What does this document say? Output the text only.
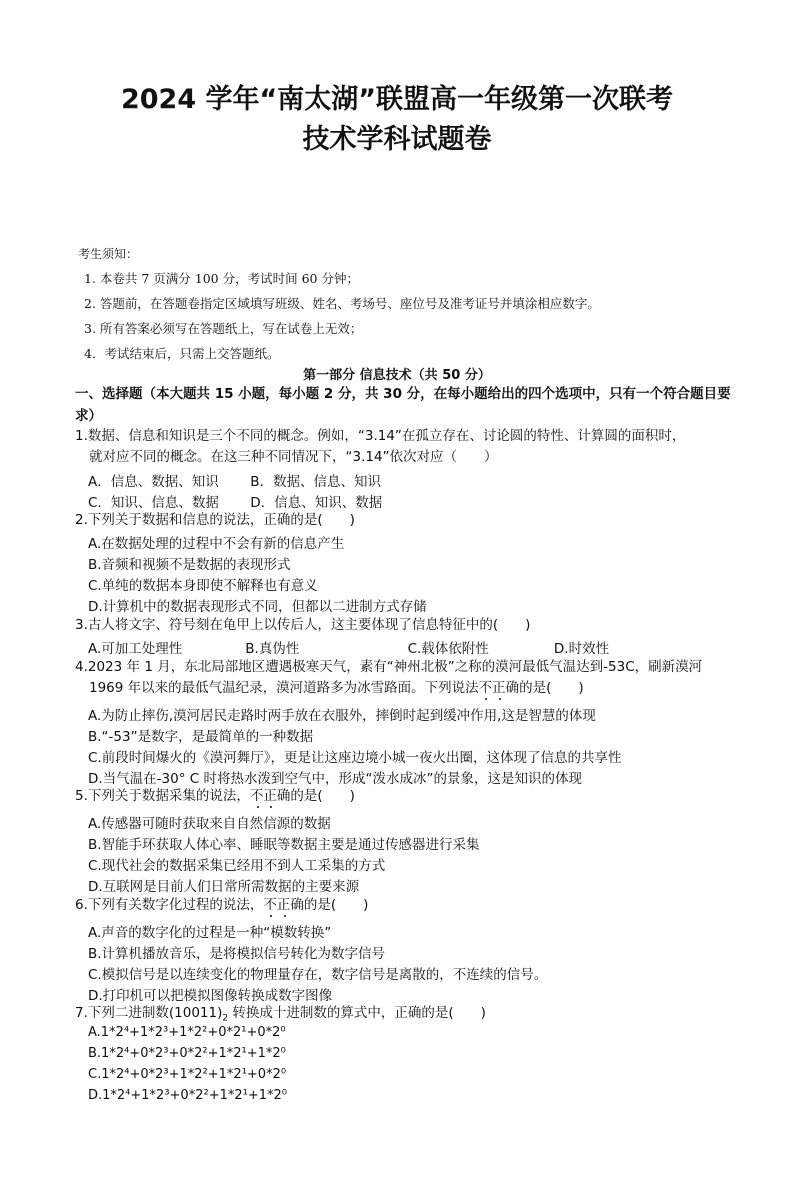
2024 学年“南太湖”联盟高一年级第一次联考
技术学科试题卷
考生须知：
1. 本卷共 7 页满分 100 分，考试时间 60 分钟；
2. 答题前，在答题卷指定区域填写班级、姓名、考场号、座位号及准考证号并填涂相应数字。
3. 所有答案必须写在答题纸上，写在试卷上无效；
4．考试结束后，只需上交答题纸。
第一部分 信息技术（共 50 分）
一、选择题（本大题共 15 小题，每小题 2 分，共 30 分，在每小题给出的四个选项中，只有一个符合题目要求）
1.数据、信息和知识是三个不同的概念。例如，“3.14”在孤立存在、讨论圆的特性、计算圆的面积时，
就对应不同的概念。在这三种不同情况下，“3.14”依次对应（　　）
A．信息、数据、知识 B．数据、信息、知识
C．知识、信息、数据 D．信息、知识、数据
2.下列关于数据和信息的说法，正确的是(　　)
A.在数据处理的过程中不会有新的信息产生
B.音频和视频不是数据的表现形式
C.单纯的数据本身即使不解释也有意义
D.计算机中的数据表现形式不同，但都以二进制方式存储
3.古人将文字、符号刻在龟甲上以传后人，这主要体现了信息特征中的(　　)
A.可加工处理性	B.真伪性	C.载体依附性	D.时效性
4.2023 年 1 月，东北局部地区遭遇极寒天气，素有“神州北极”之称的漠河最低气温达到-53C，刷新漠河
1969 年以来的最低气温纪录，漠河道路多为冰雪路面。下列说法不正确的是(　　)
A.为防止摔伤,漠河居民走路时两手放在衣服外，摔倒时起到缓冲作用,这是智慧的体现
B.“-53”是数字，是最简单的一种数据
C.前段时间爆火的《漠河舞厅》，更是让这座边境小城一夜火出圈，这体现了信息的共享性
D.当气温在-30° C 时将热水泼到空气中，形成“泼水成冰”的景象，这是知识的体现
5.下列关于数据采集的说法，不正确的是(　　)
A.传感器可随时获取来自自然信源的数据
B.智能手环获取人体心率、睡眠等数据主要是通过传感器进行采集
C.现代社会的数据采集已经用不到人工采集的方式
D.互联网是目前人们日常所需数据的主要来源
6.下列有关数字化过程的说法，不正确的是(　　)
A.声音的数字化的过程是一种“模数转换”
B.计算机播放音乐，是将模拟信号转化为数字信号
C.模拟信号是以连续变化的物理量存在，数字信号是离散的，不连续的信号。
D.打印机可以把模拟图像转换成数字图像
7.下列二进制数$(10011)_2$ 转换成十进制数的算式中，正确的是(　　)
A.1*2⁴+1*2³+1*2²+0*2¹+0*2⁰
B.1*2⁴+0*2³+0*2²+1*2¹+1*2⁰
C.1*2⁴+0*2³+1*2²+1*2¹+0*2⁰
D.1*2⁴+1*2³+0*2²+1*2¹+1*2⁰
